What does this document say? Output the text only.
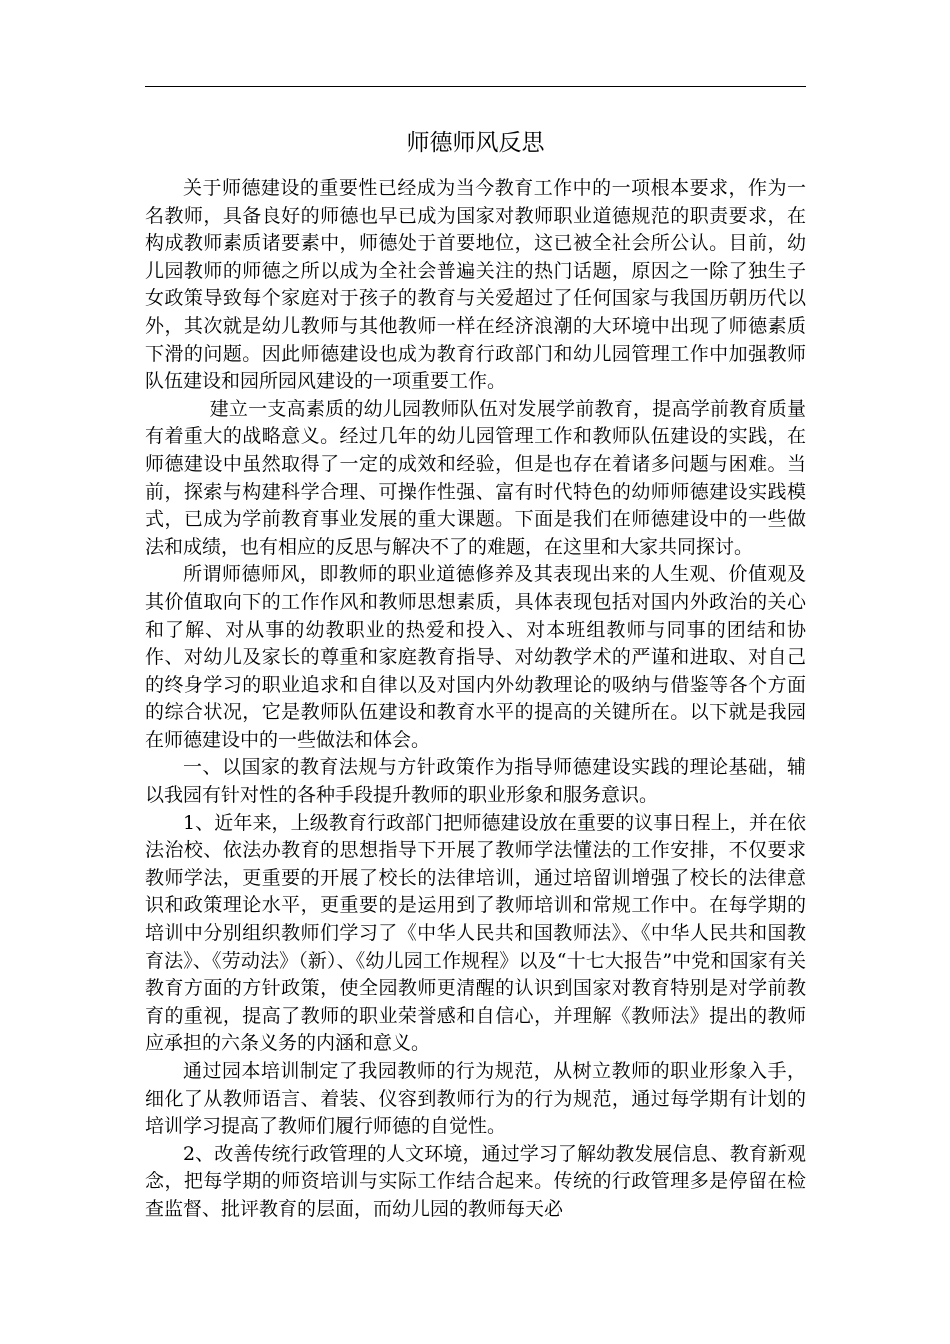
师德师风反思

关于师德建设的重要性已经成为当今教育工作中的一项根本要求，作为一名教师，具备良好的师德也早已成为国家对教师职业道德规范的职责要求，在构成教师素质诸要素中，师德处于首要地位，这已被全社会所公认。目前，幼儿园教师的师德之所以成为全社会普遍关注的热门话题，原因之一除了独生子女政策导致每个家庭对于孩子的教育与关爱超过了任何国家与我国历朝历代以外，其次就是幼儿教师与其他教师一样在经济浪潮的大环境中出现了师德素质下滑的问题。因此师德建设也成为教育行政部门和幼儿园管理工作中加强教师队伍建设和园所园风建设的一项重要工作。

建立一支高素质的幼儿园教师队伍对发展学前教育，提高学前教育质量有着重大的战略意义。经过几年的幼儿园管理工作和教师队伍建设的实践，在师德建设中虽然取得了一定的成效和经验，但是也存在着诸多问题与困难。当前，探索与构建科学合理、可操作性强、富有时代特色的幼师师德建设实践模式，已成为学前教育事业发展的重大课题。下面是我们在师德建设中的一些做法和成绩，也有相应的反思与解决不了的难题，在这里和大家共同探讨。

所谓师德师风，即教师的职业道德修养及其表现出来的人生观、价值观及其价值取向下的工作作风和教师思想素质，具体表现包括对国内外政治的关心和了解、对从事的幼教职业的热爱和投入、对本班组教师与同事的团结和协作、对幼儿及家长的尊重和家庭教育指导、对幼教学术的严谨和进取、对自己的终身学习的职业追求和自律以及对国内外幼教理论的吸纳与借鉴等各个方面的综合状况，它是教师队伍建设和教育水平的提高的关键所在。以下就是我园在师德建设中的一些做法和体会。

一、以国家的教育法规与方针政策作为指导师德建设实践的理论基础，辅以我园有针对性的各种手段提升教师的职业形象和服务意识。

1、近年来，上级教育行政部门把师德建设放在重要的议事日程上，并在依法治校、依法办教育的思想指导下开展了教师学法懂法的工作安排，不仅要求教师学法，更重要的开展了校长的法律培训，通过培留训增强了校长的法律意识和政策理论水平，更重要的是运用到了教师培训和常规工作中。在每学期的培训中分别组织教师们学习了《中华人民共和国教师法》、《中华人民共和国教育法》、《劳动法》（新）、《幼儿园工作规程》以及“十七大报告”中党和国家有关教育方面的方针政策，使全园教师更清醒的认识到国家对教育特别是对学前教育的重视，提高了教师的职业荣誉感和自信心，并理解《教师法》提出的教师应承担的六条义务的内涵和意义。

通过园本培训制定了我园教师的行为规范，从树立教师的职业形象入手，细化了从教师语言、着装、仪容到教师行为的行为规范，通过每学期有计划的培训学习提高了教师们履行师德的自觉性。

2、改善传统行政管理的人文环境，通过学习了解幼教发展信息、教育新观念，把每学期的师资培训与实际工作结合起来。传统的行政管理多是停留在检查监督、批评教育的层面，而幼儿园的教师每天必
